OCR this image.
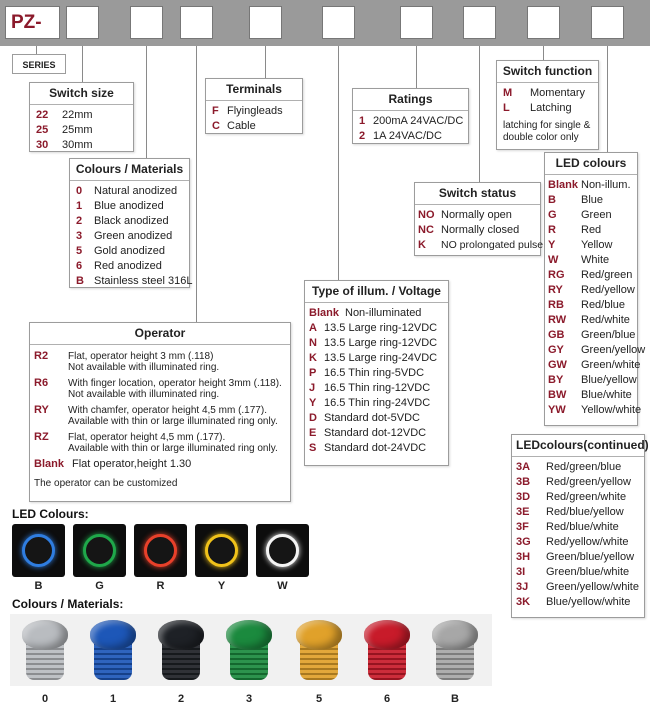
PZ-
SERIES
Switch size
22	22mm
25	25mm
30	30mm
Colours / Materials
0	Natural anodized
1	Blue anodized
2	Black anodized
3	Green anodized
5	Gold anodized
6	Red anodized
B Stainless steel 316L
Terminals
F Flyingleads
C Cable
Ratings
1 200mA 24VAC/DC
2 1A 24VAC/DC
Switch function
M	Momentary
L	Latching
latching for single &
double color only
Switch status
NO Normally open
NC Normally closed
K	NO prolongated pulse
LED colours
Blank Non-illum.
B	Blue
G	Green
R	Red
Y	Yellow
W	White
RG	Red/green
RY	Red/yellow
RB	Red/blue
RW	Red/white
GB	Green/blue
GY	Green/yellow
GW	Green/white
BY	Blue/yellow
BW	Blue/white
YW	Yellow/white
LEDcolours(continued)
3A	Red/green/blue
3B	Red/green/yellow
3D	Red/green/white
3E	Red/blue/yellow
3F	Red/blue/white
3G	Red/yellow/white
3H	Green/blue/yellow
3I	Green/blue/white
3J	Green/yellow/white
3K	Blue/yellow/white
Type of illum. / Voltage
Blank Non-illuminated
A 13.5 Large ring-12VDC
N 13.5 Large ring-12VDC
K 13.5 Large ring-24VDC
P 16.5 Thin ring-5VDC
J 16.5 Thin ring-12VDC
Y 16.5 Thin ring-24VDC
D Standard dot-5VDC
E Standard dot-12VDC
S Standard dot-24VDC
Operator
R2	Flat, operator height 3 mm (.118)
Not available with illuminated ring.
R6	With finger location, operator height 3mm (.118).
Not available with illuminated ring.
RY	With chamfer, operator height 4,5 mm (.177).
Available with thin or large illuminated ring only.
RZ	Flat, operator height 4,5 mm (.177).
Available with thin or large illuminated ring only.
Blank Flat operator,height 1.30
The operator can be customized
LED Colours:
B	G	R	Y	W
Colours / Materials:
0	1	2	3	5	6	B
